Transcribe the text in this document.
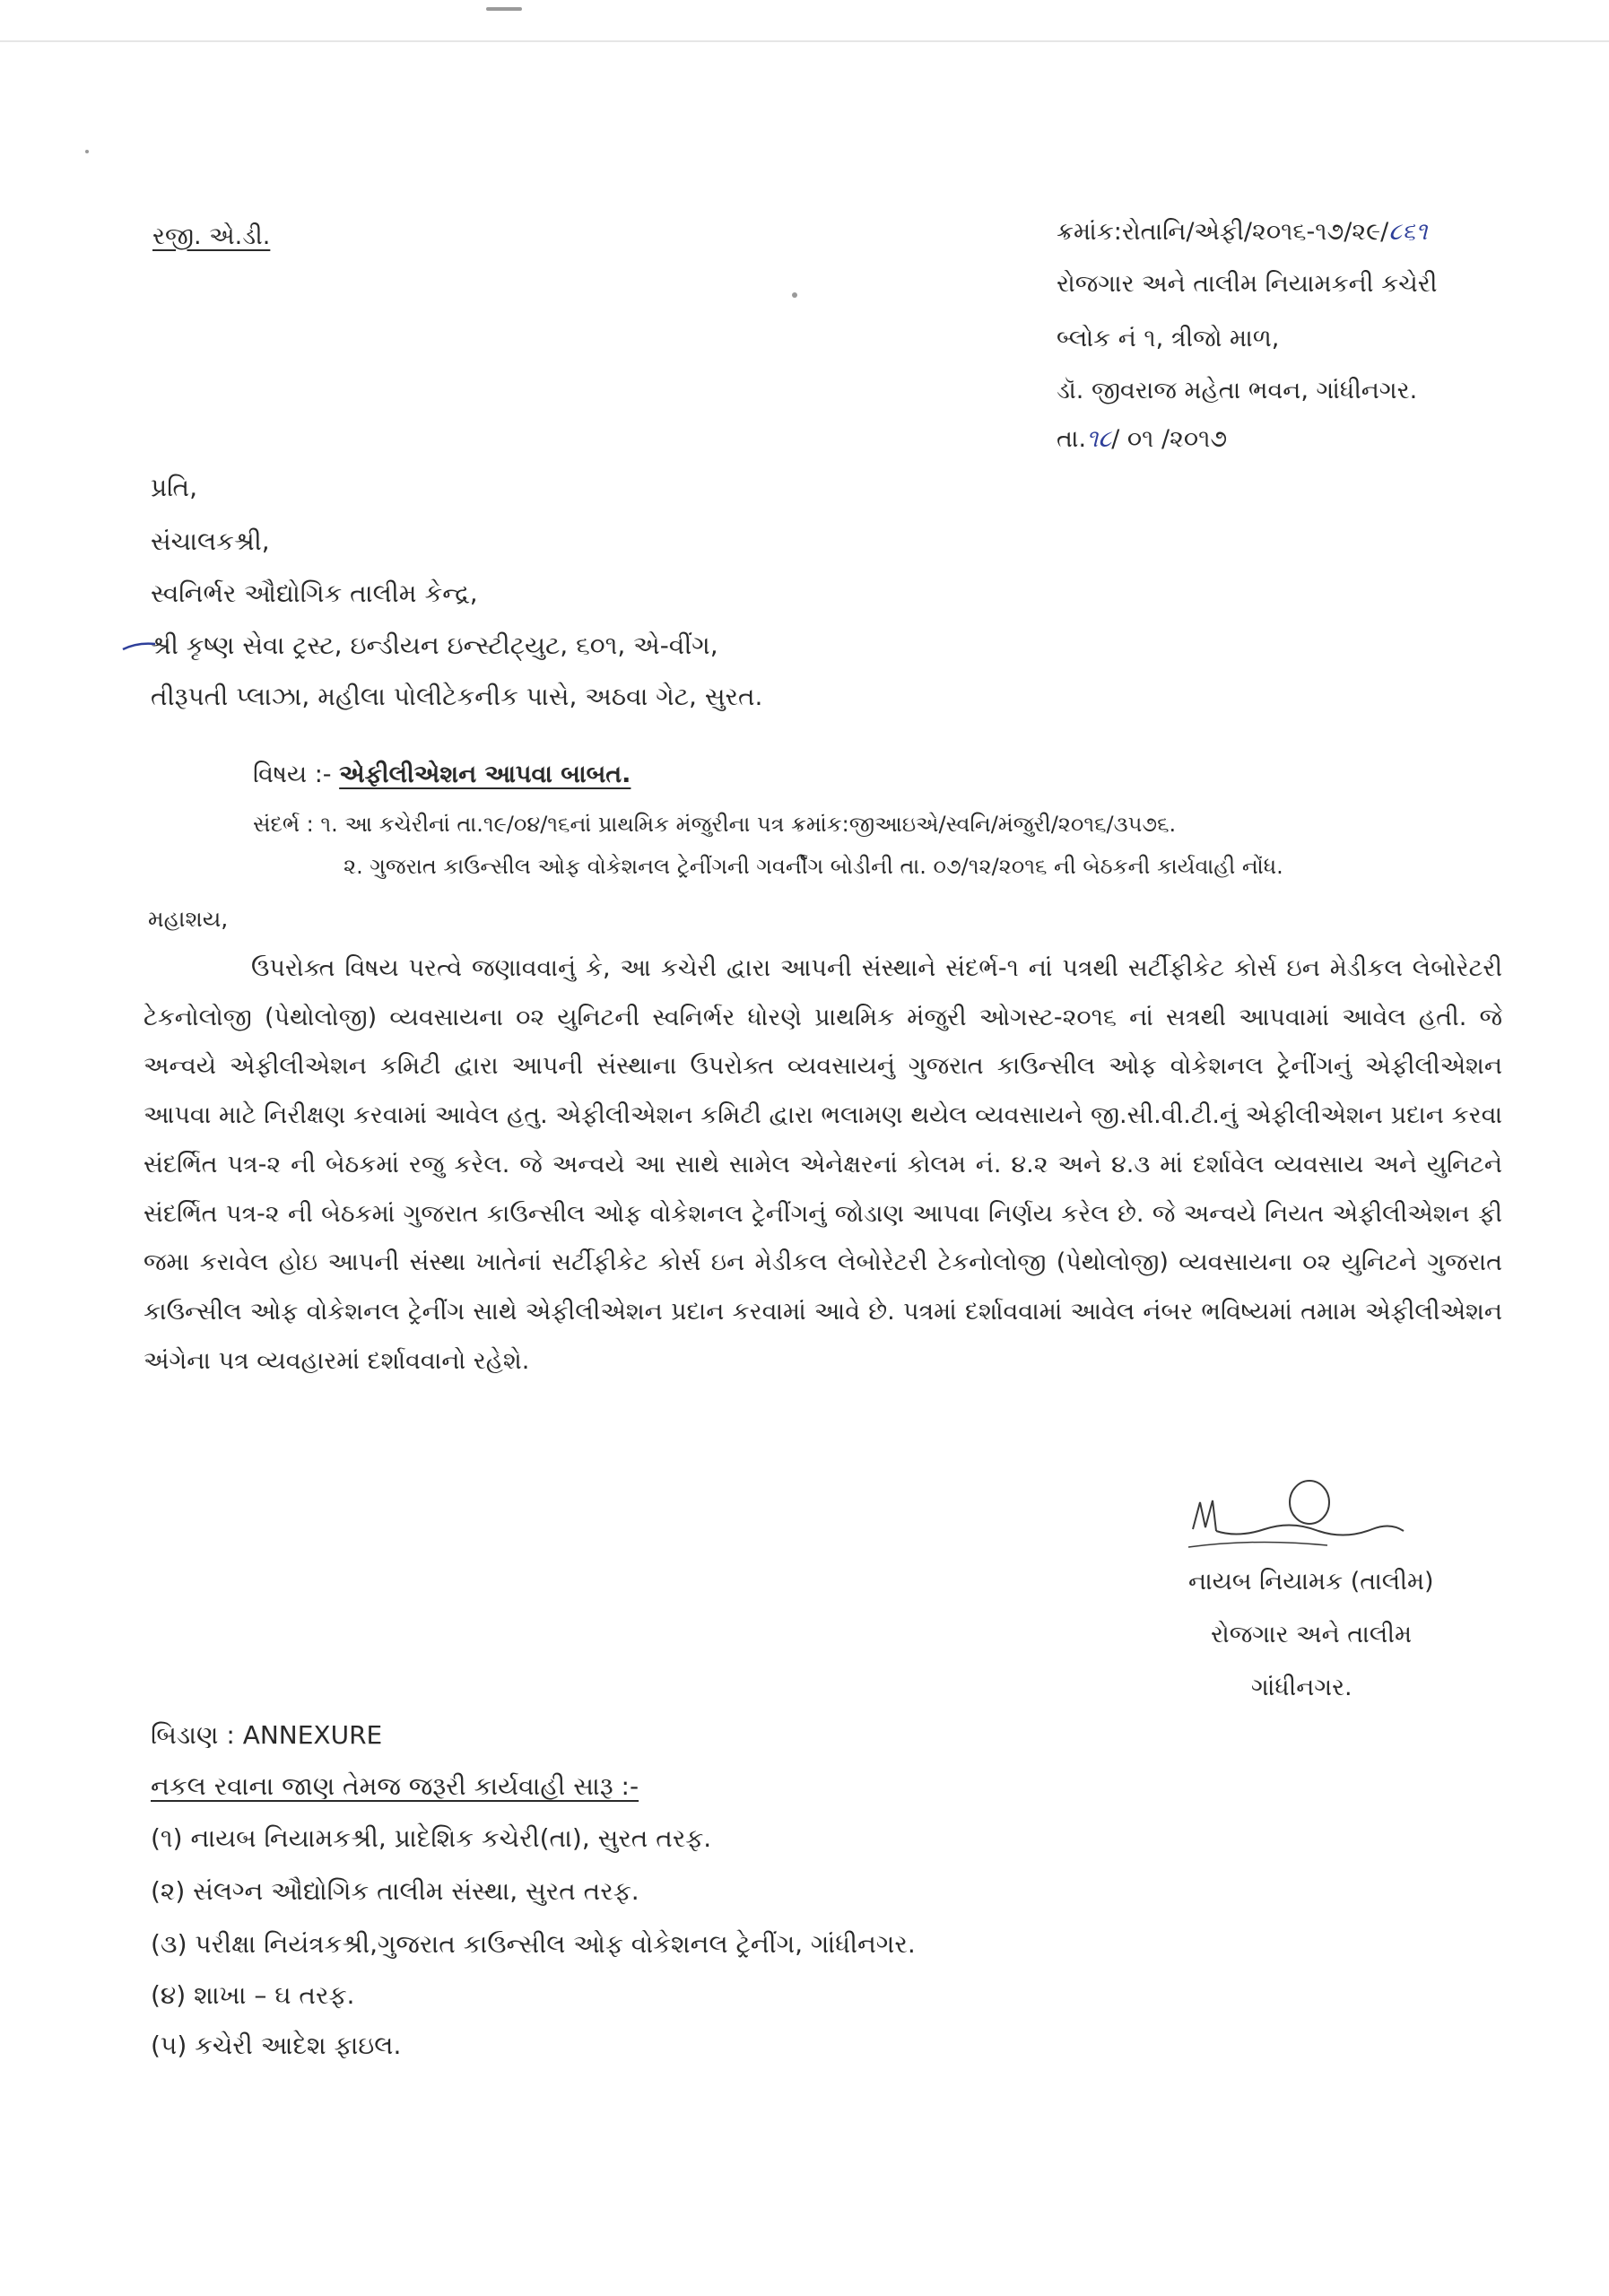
રજી. એ.ડી.	ક્રમાંક:રોતાનિ/એફી/૨૦૧૬-૧૭/૨૯/૮૬૧
રોજગાર અને તાલીમ નિયામકની કચેરી
બ્લોક નં ૧, ત્રીજો માળ,
ડૉ. જીવરાજ મહેતા ભવન, ગાંધીનગર.
તા.૧૮/ ૦૧ /૨૦૧૭
પ્રતિ,
સંચાલકશ્રી,
સ્વનિર્ભર ઔદ્યોગિક તાલીમ કેન્દ્ર,
શ્રી કૃષ્ણ સેવા ટ્રસ્ટ, ઇન્ડીયન ઇન્સ્ટીટ્યુટ, ૬૦૧, એ-વીંગ,
તીરૂપતી પ્લાઝા, મહીલા પોલીટેકનીક પાસે, અઠવા ગેટ, સુરત.
વિષય :- એફીલીએશન આપવા બાબત.
સંદર્ભ : ૧. આ કચેરીનાં તા.૧૯/૦૪/૧૬નાં પ્રાથમિક મંજુરીના પત્ર ક્રમાંક:જીઆઇએ/સ્વનિ/મંજુરી/૨૦૧૬/૩૫૭૬.
૨. ગુજરાત કાઉન્સીલ ઓફ વોકેશનલ ટ્રેનીંગની ગવર્નીંગ બોડીની તા. ૦૭/૧૨/૨૦૧૬ ની બેઠકની કાર્યવાહી નોંધ.
મહાશય,

ઉપરોક્ત વિષય પરત્વે જણાવવાનું કે, આ કચેરી દ્વારા આપની સંસ્થાને સંદર્ભ-૧ નાં પત્રથી સર્ટીફીકેટ કોર્સ ઇન મેડીકલ લેબોરેટરી ટેકનોલોજી (પેથોલોજી) વ્યવસાયના ૦૨ યુનિટની સ્વનિર્ભર ધોરણે પ્રાથમિક મંજુરી ઓગસ્ટ-૨૦૧૬ નાં સત્રથી આપવામાં આવેલ હતી. જે અન્વયે એફીલીએશન કમિટી દ્વારા આપની સંસ્થાના ઉપરોક્ત વ્યવસાયનું ગુજરાત કાઉન્સીલ ઓફ વોકેશનલ ટ્રેનીંગનું એફીલીએશન આપવા માટે નિરીક્ષણ કરવામાં આવેલ હતુ. એફીલીએશન કમિટી દ્વારા ભલામણ થયેલ વ્યવસાયને જી.સી.વી.ટી.નું એફીલીએશન પ્રદાન કરવા સંદર્ભિત પત્ર-૨ ની બેઠકમાં રજુ કરેલ. જે અન્વયે આ સાથે સામેલ એનેક્ષરનાં કોલમ નં. ૪.૨ અને ૪.૩ માં દર્શાવેલ વ્યવસાય અને યુનિટને સંદર્ભિત પત્ર-૨ ની બેઠકમાં ગુજરાત કાઉન્સીલ ઓફ વોકેશનલ ટ્રેનીંગનું જોડાણ આપવા નિર્ણય કરેલ છે. જે અન્વયે નિયત એફીલીએશન ફી જમા કરાવેલ હોઇ આપની સંસ્થા ખાતેનાં સર્ટીફીકેટ કોર્સ ઇન મેડીકલ લેબોરેટરી ટેકનોલોજી (પેથોલોજી) વ્યવસાયના ૦૨ યુનિટને ગુજરાત કાઉન્સીલ ઓફ વોકેશનલ ટ્રેનીંગ સાથે એફીલીએશન પ્રદાન કરવામાં આવે છે. પત્રમાં દર્શાવવામાં આવેલ નંબર ભવિષ્યમાં તમામ એફીલીએશન અંગેના પત્ર વ્યવહારમાં દર્શાવવાનો રહેશે.

નાયબ નિયામક (તાલીમ)
રોજગાર અને તાલીમ
ગાંધીનગર.
બિડાણ : ANNEXURE
નકલ રવાના જાણ તેમજ જરૂરી કાર્યવાહી સારૂ :-
(૧) નાયબ નિયામકશ્રી, પ્રાદેશિક કચેરી(તા), સુરત તરફ.
(૨) સંલગ્ન ઔદ્યોગિક તાલીમ સંસ્થા, સુરત તરફ.
(૩) પરીક્ષા નિયંત્રકશ્રી,ગુજરાત કાઉન્સીલ ઓફ વોકેશનલ ટ્રેનીંગ, ગાંધીનગર.
(૪) શાખા – ઘ તરફ.
(૫) કચેરી આદેશ ફાઇલ.
